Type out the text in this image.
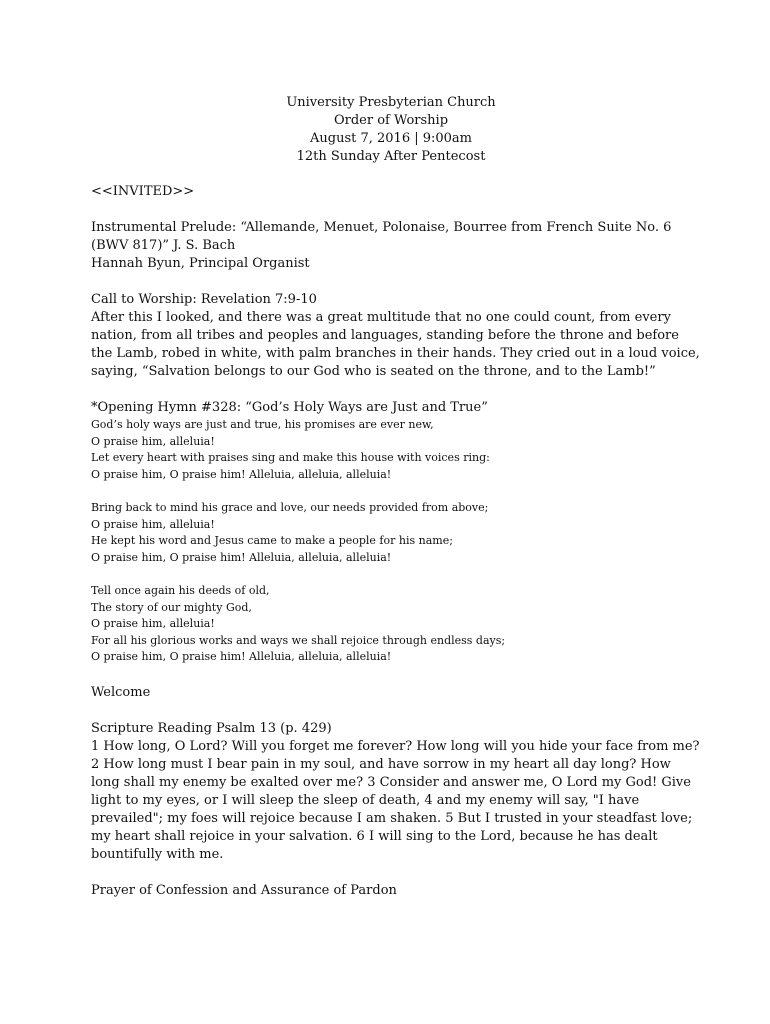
University Presbyterian Church
Order of Worship
August 7, 2016 | 9:00am
12th Sunday After Pentecost
<<INVITED>>
Instrumental Prelude: “Allemande, Menuet, Polonaise, Bourree from French Suite No. 6
(BWV 817)” J. S. Bach
Hannah Byun, Principal Organist
Call to Worship: Revelation 7:9-10
After this I looked, and there was a great multitude that no one could count, from every
nation, from all tribes and peoples and languages, standing before the throne and before
the Lamb, robed in white, with palm branches in their hands. They cried out in a loud voice,
saying, “Salvation belongs to our God who is seated on the throne, and to the Lamb!”
*Opening Hymn #328: “God’s Holy Ways are Just and True”
God’s holy ways are just and true, his promises are ever new,
O praise him, alleluia!
Let every heart with praises sing and make this house with voices ring:
O praise him, O praise him! Alleluia, alleluia, alleluia!
Bring back to mind his grace and love, our needs provided from above;
O praise him, alleluia!
He kept his word and Jesus came to make a people for his name;
O praise him, O praise him! Alleluia, alleluia, alleluia!
Tell once again his deeds of old,
The story of our mighty God,
O praise him, alleluia!
For all his glorious works and ways we shall rejoice through endless days;
O praise him, O praise him! Alleluia, alleluia, alleluia!
Welcome
Scripture Reading Psalm 13 (p. 429)
1 How long, O Lord? Will you forget me forever? How long will you hide your face from me?
2 How long must I bear pain in my soul, and have sorrow in my heart all day long? How
long shall my enemy be exalted over me? 3 Consider and answer me, O Lord my God! Give
light to my eyes, or I will sleep the sleep of death, 4 and my enemy will say, "I have
prevailed"; my foes will rejoice because I am shaken. 5 But I trusted in your steadfast love;
my heart shall rejoice in your salvation. 6 I will sing to the Lord, because he has dealt
bountifully with me.
Prayer of Confession and Assurance of Pardon
